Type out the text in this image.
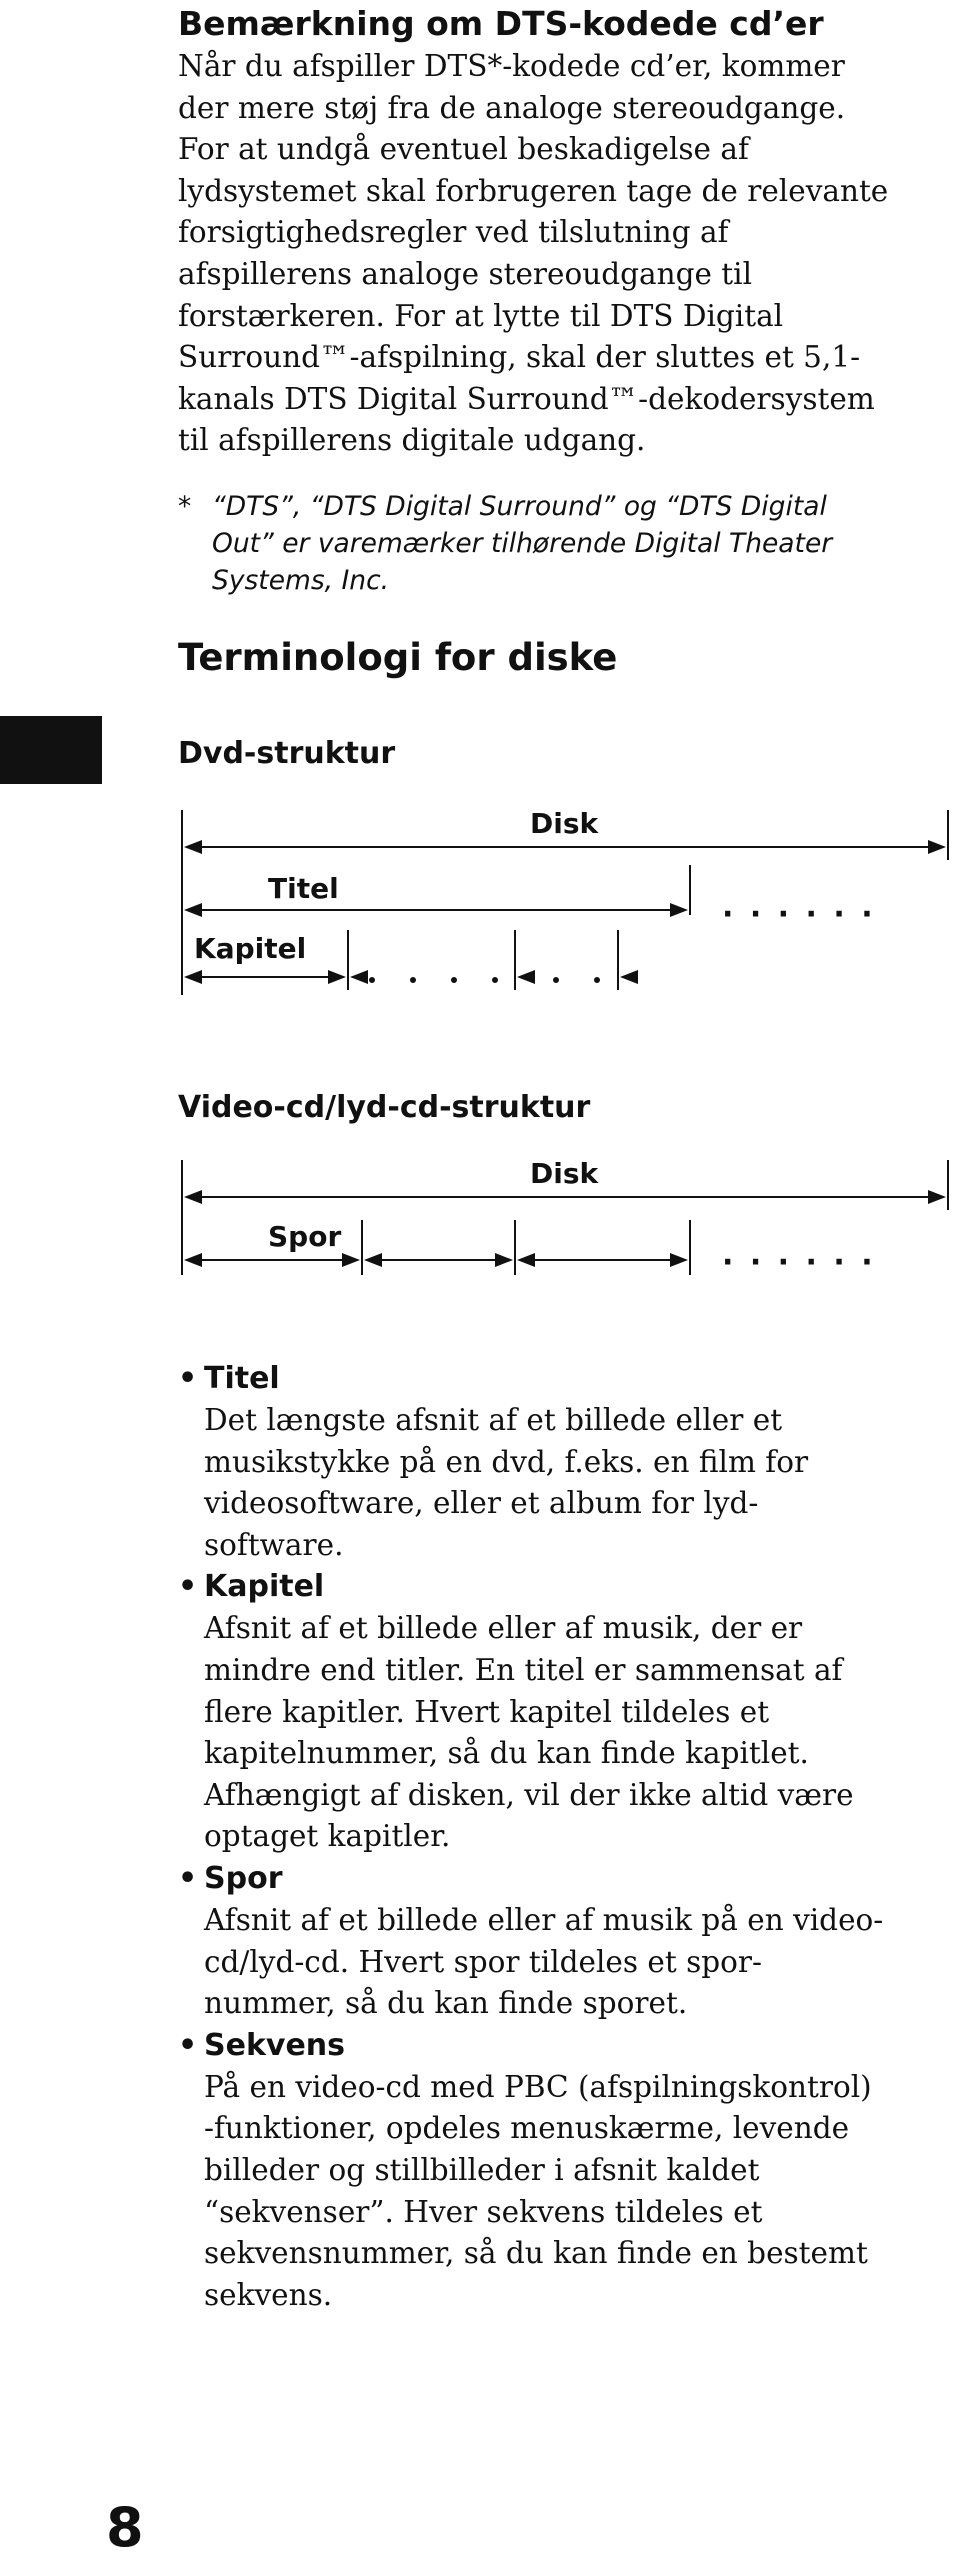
Bemærkning om DTS-kodede cd’er

Når du afspiller DTS*-kodede cd’er, kommer

der mere støj fra de analoge stereoudgange.

For at undgå eventuel beskadigelse af

lydsystemet skal forbrugeren tage de relevante

forsigtighedsregler ved tilslutning af

afspillerens analoge stereoudgange til

forstærkeren. For at lytte til DTS Digital

Surround™-afspilning, skal der sluttes et 5,1-

kanals DTS Digital Surround™-dekodersystem

til afspillerens digitale udgang.

* “DTS”, “DTS Digital Surround” og “DTS Digital
Out” er varemærker tilhørende Digital Theater
Systems, Inc.
Terminologi for diske
Dvd-struktur
Disk
Titel
Kapitel
· · · · · ·
Video-cd/lyd-cd-struktur
Disk
Spor
· · · · · ·
• Titel

Det længste afsnit af et billede eller et

musikstykke på en dvd, f.eks. en film for

videosoftware, eller et album for lyd-

software.

• Kapitel

Afsnit af et billede eller af musik, der er

mindre end titler. En titel er sammensat af

flere kapitler. Hvert kapitel tildeles et

kapitelnummer, så du kan finde kapitlet.

Afhængigt af disken, vil der ikke altid være

optaget kapitler.

• Spor

Afsnit af et billede eller af musik på en video-

cd/lyd-cd. Hvert spor tildeles et spor-

nummer, så du kan finde sporet.

• Sekvens

På en video-cd med PBC (afspilningskontrol)

-funktioner, opdeles menuskærme, levende

billeder og stillbilleder i afsnit kaldet

“sekvenser”. Hver sekvens tildeles et

sekvensnummer, så du kan finde en bestemt

sekvens.

8
